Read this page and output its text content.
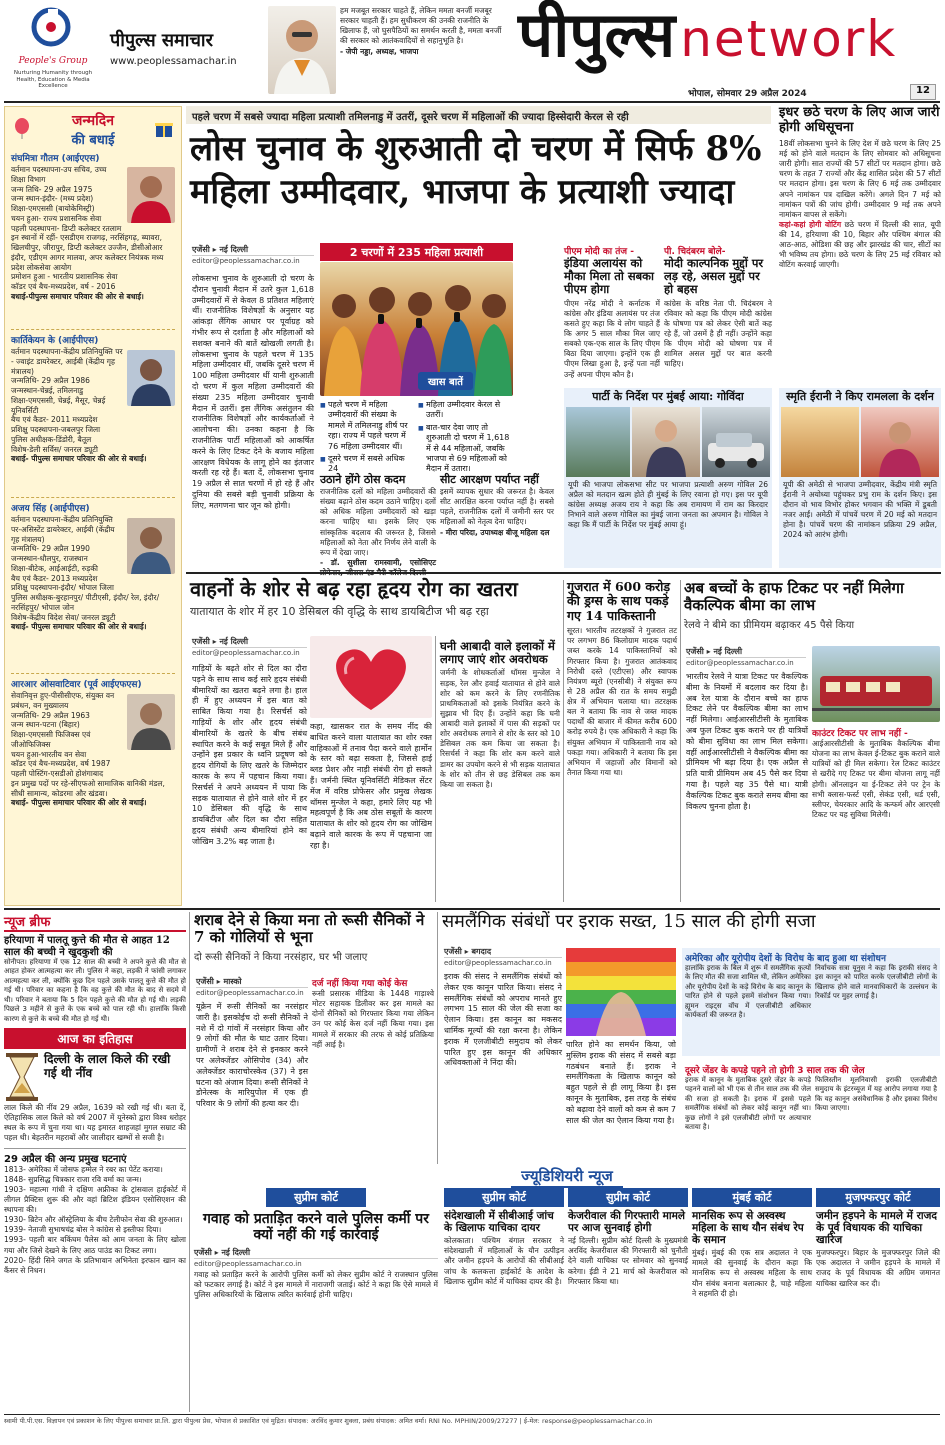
People's Group
Nurturing Humanity through Health, Education & Media Excellence
पीपुल्स समाचार
www.peoplessamachar.in
हम मजबूत सरकार चाहते हैं, लेकिन ममता बनर्जी मजबूर सरकार चाहती हैं। हम सुधीकरण की उनकी राजनीति के खिलाफ हैं, जो घुसपैठियों का समर्थन करती है, ममता बनर्जी की सरकार को आतंकवादियों से सहानुभूति है।
- जेपी नड्डा, अध्यक्ष, भाजपा	पीपुल्स network
भोपाल, सोमवार 29 अप्रैल 2024	12
जन्मदिन
की बधाई
संघमित्रा गौतम (आईएएस)
वर्तमान पदस्थापना-उप सचिव, उच्च शिक्षा विभाग
जन्म तिथि- 29 अप्रैल 1975
जन्म स्थान-इंदौर- (मध्य प्रदेश)
शिक्षा-एमएससी (बायोकेमिस्ट्री)
चयन हुआ- राज्य प्रशासनिक सेवा
पहली पदस्थापना- डिप्टी कलेक्टर रतलाम
इन स्थानों में रहीं- एसडीएम राजगढ़, नरसिंहगढ़, ब्यावरा, खिलचीपुर, जीरापुर, डिप्टी कलेक्टर उज्जैन, डीसीओआर इंदौर, एडीएम आगर मालवा, अपर कलेक्टर नियंत्रक मध्य प्रदेश लोकसेवा आयोग
प्रमोशन हुआ - भारतीय प्रशासनिक सेवा
कॉडर एवं बैच-मध्यप्रदेश, वर्ष - 2016
बधाई-पीपुल्स समाचार परिवार की ओर से बधाई।
कार्तिकेयन के (आईपीएस)
वर्तमान पदस्थापना-केंद्रीय प्रतिनियुक्ति पर - ज्वाइंट डायरेक्टर, आईबी (केंद्रीय गृह मंत्रालय)
जन्मतिथि- 29 अप्रैल 1986
जन्मस्थान-चेन्नई, तमिलनाडु
शिक्षा-एमएससी, चेन्नई, मैसूर, चेन्नई यूनिवर्सिटी
बैच एवं कैडर- 2011 मध्यप्रदेश
प्रशिक्षु पदस्थापना-जबलपुर जिला
पुलिस अधीक्षक-डिंडोरी, बैतूल
विशेष-डेली सर्विस/ जनरल ड्यूटी
बधाई- पीपुल्स समाचार परिवार की ओर से बधाई।
अजय सिंह (आईपीएस)
वर्तमान पदस्थापना-केंद्रीय प्रतिनियुक्ति पर-असिस्टेंट डायरेक्टर, आईबी (केंद्रीय गृह मंत्रालय)
जन्मतिथि- 29 अप्रैल 1990
जन्मस्थान-धौलपुर, राजस्थान
शिक्षा-बीटेक, आईआईटी, रुड़की
बैच एवं कैडर- 2013 मध्यप्रदेश
प्रशिक्षु पदस्थापना-इंदौर/ भोपाल जिला
पुलिस अधीक्षक-बुरहानपुर/ पीटीएसी, इंदौर/ रेल, इंदौर/ नरसिंहपुर/ भोपाल जोन
विशेष-केंद्रीय विदेश सेवा/ जनरल ड्यूटी
बधाई- पीपुल्स समाचार परिवार की ओर से बधाई।
आरआर ओसवाटिवार (पूर्व आईएफएस)
सेवानिवृत्त हुए-पीसीसीएफ, संयुक्त वन प्रबंधन, वन मुख्यालय
जन्मतिथि- 29 अप्रैल 1963
जन्म स्थान-पटना (बिहार)
शिक्षा-एमएससी फिजिक्स एवं जीओफिजिक्स
चयन हुआ-भारतीय वन सेवा
कॉडर एवं बैच-मध्यप्रदेश, वर्ष 1987
पहली पोस्टिंग-एसडीओ होशंगाबाद
इन प्रमुख पदों पर रहे-सीएफओ सामाजिक वानिकी मंडल, सीधी सामान्य, कोडरमा और खंडवा।
बधाई- पीपुल्स समाचार परिवार की ओर से बधाई।
पहले चरण में सबसे ज्यादा महिला प्रत्याशी तमिलनाडु में उतरीं, दूसरे चरण में महिलाओं की ज्यादा हिस्सेदारी केरल से रही
लोस चुनाव के शुरुआती दो चरण में सिर्फ 8%
महिला उम्मीदवार, भाजपा के प्रत्याशी ज्यादा
एजेंसी ▸ नई दिल्ली
editor@peoplessamachar.co.in
लोकसभा चुनाव के शुरुआती दो चरण के दौरान चुनावी मैदान में उतरे कुल 1,618 उम्मीदवारों में से केवल 8 प्रतिशत महिलाएं थीं। राजनीतिक विशेषज्ञों के अनुसार यह आंकड़ा लैंगिक आधार पर पूर्वाग्रह को गंभीर रूप से दर्शाता है और महिलाओं को सशक्त बनाने की बातें खोखली लगती है। लोकसभा चुनाव के पहले चरण में 135 महिला उम्मीदवार थीं, जबकि दूसरे चरण में 100 महिला उम्मीदवार थीं यानी शुरुआती दो चरण में कुल महिला उम्मीदवारों की संख्या 235 महिला उम्मीदवार चुनावी मैदान में उतरीं। इस लैंगिक असंतुलन की राजनीतिक विशेषज्ञों और कार्यकर्ताओं ने आलोचना की। उनका कहना है कि राजनीतिक पार्टी महिलाओं को आकर्षित करने के लिए टिकट देने के बजाय महिला आरक्षण विधेयक के लागू होने का इंतजार करती रह रहे हैं। बता दें, लोकसभा चुनाव 19 अप्रैल से सात चरणों में हो रहे हैं और दुनिया की सबसे बड़ी चुनावी प्रक्रिया के लिए, मतगणना चार जून को होगी।
2 चरणों में 235 महिला प्रत्याशी
खास बातें
■ पहले चरण में महिला उम्मीदवारों की संख्या के मामले में तमिलनाडु शीर्ष पर रहा। राज्य में पहले चरण में 76 महिला उम्मीदवार थीं।
■ दूसरे चरण में सबसे अधिक 24
■ महिला उम्मीदवार केरल से उतरीं।
■ बात-चार देवा जाए तो शुरुआती दो चरण में 1,618 में से 44 महिलाओं, जबकि भाजपा से 69 महिलाओं को मैदान में उतारा।
उठाने होंगे ठोस कदम
राजनीतिक दलों को महिला उम्मीदवारों की संख्या बढ़ाने ठोस कदम उठाने चाहिए। दलों को अधिक महिला उम्मीदवारों को खड़ा करना चाहिए था। इसके लिए एक सांस्कृतिक बदलाव की जरूरत है, जिससे महिलाओं को नेता और निर्णय लेने वाली के रूप में देखा जाए।
- डॉ. सुशीला रामस्वामी, एसोसिएट
सीट आरक्षण पर्याप्त नहीं
इसमें व्यापक सुधार की जरूरत है। केवल सीट आरक्षित करना पर्याप्त नहीं है। सबसे पहले, राजनीतिक दलों में जमीनी स्तर पर महिलाओं को नेतृत्व देना चाहिए।
- मीरा परिदा, उपाध्यक्ष बीजू महिला दल
पीएम मोदी का तंज -
इंडिया अलायंस को मौका मिला तो सबका पीएम होगा
पीएम नरेंद्र मोदी ने कर्नाटक में कांग्रेस और इंडिया अलायंस पर तंज कसते हुए कहा कि ये लोग चाहते हैं कि अगर 5 साल मौका मिल जाए सबको एक-एक साल के लिए पीएम बिठा दिया जाएगा। इन्होंने एक ही पीएम लिखा हुआ है, इन्हें पता नहीं उन्हें अपना पीएम कौन है।
पी. चिदंबरम बोले-
मोदी काल्पनिक मुद्दों पर लड़ रहे, असल मुद्दों पर हो बहस
कांग्रेस के वरिष्ठ नेता पी. चिदंबरम ने रविवार को कहा कि पीएम मोदी कांग्रेस के घोषणा पत्र को लेकर ऐसी बातें कह रहे हैं, जो उसमें है ही नहीं। उन्होंने कहा कि पीएम मोदी को घोषणा पत्र में शामिल असल मुद्दों पर बात करनी चाहिए।
पार्टी के निर्देश पर मुंबई आया: गोविंदा
यूपी की भाजपा लोकसभा सीट पर भाजपा प्रत्याशी अरुण गोविल 26 अप्रैल को मतदान खत्म होते ही मुंबई के लिए रवाना हो गए। इस पर यूपी कांग्रेस अध्यक्ष अजय राय ने कहा कि अब रामायण में राम का किरदार निभाने वाले अरुण गोविल का मुंबई जाना जनता का अपमान है। गोविल ने कहा कि मैं पार्टी के निर्देश पर मुंबई आया हूं।
इधर छठे चरण के लिए आज जारी होगी अधिसूचना
18वीं लोकसभा चुनने के लिए देश में छठे चरण के लिए 25 मई को होने वाले मतदान के लिए सोमवार को अधिसूचना जारी होगी। सात राज्यों की 57 सीटों पर मतदान होगा। छठे चरण के तहत 7 राज्यों और केंद्र शासित प्रदेश की 57 सीटों पर मतदान होगा। इस चरण के लिए 6 मई तक उम्मीदवार अपने नामांकन पत्र दाखिल करेंगे। अगले दिन 7 मई को नामांकन पत्रों की जांच होगी। उम्मीदवार 9 मई तक अपने नामांकन वापस ले सकेंगे।
कहां-कहां होगी वोटिंग छठे चरण में दिल्ली की सात, यूपी की 14, हरियाणा की 10, बिहार और पश्चिम बंगाल की आठ-आठ, ओडिशा की छह और झारखंड की चार, सीटों का भी भविष्य तय होगा। छठे चरण के लिए 25 मई रविवार को वोटिंग करवाई जाएगी।
स्मृति ईरानी ने किए रामलला के दर्शन
यूपी की अमेठी से भाजपा उम्मीदवार, केंद्रीय मंत्री स्मृति ईरानी ने अयोध्या पहुंचकर प्रभु राम के दर्शन किए। इस दौरान वो भाव विभोर होकर भगवान की भक्ति में डूबती नजर आईं। अमेठी में पांचवें चरण में 20 मई को मतदान होना है। पांचवें चरण की नामांकन प्रक्रिया 29 अप्रैल, 2024 को आरंभ होगी।
वाहनों के शोर से बढ़ रहा हृदय रोग का खतरा
यातायात के शोर में हर 10 डेसिबल की वृद्धि के साथ डायबिटीज भी बढ़ रहा
एजेंसी ▸ नई दिल्ली
editor@peoplessamachar.co.in
गाड़ियों के बढ़ते शोर से दिल का दौरा पड़ने के साथ साथ कई सारे हृदय संबंधी बीमारियों का खतरा बढ़ने लगा है। हाल ही में हुए अध्ययन में इस बात को साबित किया गया है। रिसर्चर्स को गाड़ियों के शोर और हृदय संबंधी बीमारियों के खतरे के बीच संबंध स्थापित करने के कई सबूत मिले हैं और उन्होंने इस प्रकार के ध्वनि प्रदूषण को हृदय रोगियों के लिए खतरे के जिम्मेदार कारक के रूप में पहचान किया गया। रिसर्चर्स ने अपने अध्ययन में पाया कि सड़क यातायात से होने वाले शोर में हर 10 डेसिबल की वृद्धि के साथ डायबिटीज और दिल का दौरा सहित हृदय संबंधी अन्य बीमारियां होने का जोखिम 3.2% बढ़ जाता है।
कहा, खासकर रात के समय नींद की बाधित करने वाला यातायात का शोर रक्त वाहिकाओं में तनाव पैदा करने वाले हार्मोन के स्तर को बढ़ा सकता है, जिससे हाई ब्लड प्रेशर और नाड़ी संबंधी रोग हो सकते हैं। जर्मनी स्थित यूनिवर्सिटी मेडिकल सेंटर मेंज में वरिष्ठ प्रोफेसर और प्रमुख लेखक थॉमस मुन्जेल ने कहा, हमारे लिए यह भी महत्वपूर्ण है कि अब ठोस सबूतों के कारण यातायात के शोर को हृदय रोग का जोखिम बढ़ाने वाले कारक के रूप में पहचाना जा रहा है।
घनी आबादी वाले इलाकों में लगाए जाएं शोर अवरोधक
जर्मनी के शोधकर्ताओं थॉमस मुन्जेल ने सड़क, रेल और हवाई यातायात से होने वाले शोर को कम करने के लिए रणनीतिक प्राथमिकताओं को इसके नियंत्रित करने के सुझाव भी दिए हैं। उन्होंने कहा कि घनी आबादी वाले इलाकों में पास की सड़कों पर शोर अवरोधक लगाने से शोर के स्तर को 10 डेसिबल तक कम किया जा सकता है। रिसर्चर्स ने कहा कि शोर कम करने वाले डामर का उपयोग करने से भी सड़क यातायात के शोर को तीन से छह डेसिबल तक कम किया जा सकता है।
गुजरात में 600 करोड़ की ड्रग्स के साथ पकड़े गए 14 पाकिस्तानी
सूरत। भारतीय तटरक्षकों ने गुजरात तट पर लगभग 86 किलोग्राम मादक पदार्थ जब्त करके 14 पाकिस्तानियों को गिरफ्तार किया है। गुजरात आतंकवाद निरोधी दस्ते (एटीएस) और स्वापक नियंत्रण ब्यूरो (एनसीबी) ने संयुक्त रूप से 28 अप्रैल की रात के समय समुद्री क्षेत्र में अभियान चलाया था। तटरक्षक बल ने बताया कि नाव से जब्त मादक पदार्थों की बाजार में कीमत करीब 600 करोड़ रुपये है। एक अधिकारी ने कहा कि संयुक्त अभियान में पाकिस्तानी नाव को पकड़ा गया। अधिकारी ने बताया कि इस अभियान में जहाजों और विमानों को तैनात किया गया था।
अब बच्चों के हाफ टिकट पर नहीं मिलेगा वैकल्पिक बीमा का लाभ
रेलवे ने बीमे का प्रीमियम बढ़ाकर 45 पैसे किया
एजेंसी ▸ नई दिल्ली
editor@peoplessamachar.co.in
भारतीय रेलवे ने यात्रा टिकट पर वैकल्पिक बीमा के नियमों में बदलाव कर दिया है। अब रेल यात्रा के दौरान बच्चे का हाफ टिकट लेने पर वैकल्पिक बीमा का लाभ नहीं मिलेगा। आईआरसीटीसी के मुताबिक अब फुल टिकट बुक कराने पर ही यात्रियों को बीमा सुविधा का लाभ मिल सकेगा। वहीं आईआरसीटीसी ने वैकल्पिक बीमा का प्रीमियम भी बढ़ा दिया है। एक अप्रैल से प्रति यात्री प्रीमियम अब 45 पैसे कर दिया गया है। पहले यह 35 पैसे था। यात्री वैकल्पिक टिकट बुक कराते समय बीमा का विकल्प चुनना होता है।
काउंटर टिकट पर लाभ नहीं -
आईआरसीटीसी के मुताबिक वैकल्पिक बीमा योजना का लाभ केवल ई-टिकट बुक कराने वाले यात्रियों को ही मिल सकेगा। रेल टिकट काउंटर से खरीदे गए टिकट पर बीमा योजना लागू नहीं होगी। ऑनलाइन या ई-टिकट लेने पर ट्रेन के सभी क्लास-फर्स्ट एसी, सेकंड एसी, थर्ड एसी, स्लीपर, चेयरकार आदि के कन्फर्म और आरएसी टिकट पर यह सुविधा मिलेगी।
न्यूज ब्रीफ
हरियाणा में पालतू कुत्ते की मौत से आहत 12 साल की बच्ची ने खुदकुशी की
सोनीपत। हरियाणा में एक 12 साल की बच्ची ने अपने कुत्ते की मौत से आहत होकर आत्महत्या कर ली। पुलिस ने कहा, लड़की ने फांसी लगाकर आत्महत्या कर ली, क्योंकि कुछ दिन पहले उसके पालतू कुत्ते की मौत हो गई थी। परिवार का कहना है कि वह कुत्ते की मौत के बाद से सदमे में थी। परिवार ने बताया कि 5 दिन पहले कुत्ते की मौत हो गई थी। लड़की पिछले 3 महीने से कुत्ते के एक बच्चे को पाल रही थी। हालांकि किसी कारण से कुत्ते के बच्चे की मौत हो गई थी।
आज का इतिहास
दिल्ली के लाल किले की रखी गई थी नींव
लाल किले की नींव 29 अप्रैल, 1639 को रखी गई थी। बता दें, ऐतिहासिक लाल किले को वर्ष 2007 में यूनेस्को द्वारा विश्व धरोहर स्थल के रूप में चुना गया था। यह इमारत शाहजहां मुगल सम्राट की पहल थी। बेहतरीन महराबों और जालीदार खम्भों से सजी है।
29 अप्रैल की अन्य प्रमुख घटनाएं
1813- अमेरिका में जोसफ हम्मेल ने रबर का पेटेंट कराया।
1848- सुप्रसिद्ध चित्रकार राजा रवि वर्मा का जन्म।
1903- महात्मा गांधी ने दक्षिण अफ्रीका के ट्रांसवाल हाईकोर्ट में लीगल प्रैक्टिस शुरू की और वहां ब्रिटिश इंडियन एसोसिएशन की स्थापना की।
1930- ब्रिटेन और ऑस्ट्रेलिया के बीच टेलीफोन सेवा की शुरुआत।
1939- नेताजी सुभाषचंद्र बोस ने कांग्रेस से इस्तीफा दिया।
1993- पहली बार बकिंघम पैलेस को आम जनता के लिए खोला गया और जिसे देखने के लिए आठ पाउंड का टिकट लगा।
2020- हिंदी सिने जगत के प्रतिभावान अभिनेता इरफान खान का कैंसर से निधन।
शराब देने से किया मना तो रूसी सैनिकों ने 7 को गोलियों से भूना
दो रूसी सैनिकों ने किया नरसंहार, घर भी जलाए
एजेंसी ▸ मास्को
editor@peoplessamachar.co.in
यूक्रेन में रूसी सैनिकों का नरसंहार जारी है। इसकोईच दो रूसी सैनिकों ने नशे में दो गांवों में नरसंहार किया और 9 लोगों की मौत के घाट उतार दिया। ग्रामीणों ने शराब देने से इनकार करने पर अलेक्जेंडर ओसिपोव (34) और अलेक्जेंडर काराचोरस्केव (37) ने इस घटना को अंजाम दिया। रूसी सैनिकों ने डोनेत्स्क के मारियुपोल में एक ही परिवार के 9 लोगों की हत्या कर दी।
दर्ज नहीं किया गया कोई केस
रूसी प्रसारक मीडिया के 1448 गाड़ाश्वे मोटर सहायक डिलीवर कर इस मामले का दोनों सैनिकों को गिरफ्तार किया गया लेकिन उन पर कोई केस दर्ज नहीं किया गया। इस मामले में सरकार की तरफ से कोई प्रतिक्रिया नहीं आई है।
समलैंगिक संबंधों पर इराक सख्त, 15 साल की होगी सजा
एजेंसी ▸ बगदाद
editor@peoplessamachar.co.in
इराक की संसद ने समलैंगिक संबंधों को लेकर एक कानून पारित किया। संसद ने समलैंगिक संबंधों को अपराध मानते हुए लगभग 15 साल की जेल की सजा का ऐलान किया। इस कानून का मकसद धार्मिक मूल्यों की रक्षा करना है। लेकिन इराक में एलजीबीटी समुदाय को लेकर पारित हुए इस कानून की अधिकार अधिवक्ताओं ने निंदा की।
पारित होने का समर्थन किया, जो मुस्लिम इराक की संसद में सबसे बड़ा गठबंधन बनाते हैं। इराक ने समलैंगिकता के खिलाफ कानून को बहुत पहले से ही लागू किया है। इस कानून के मुताबिक, इस तरह के संबंध को बढ़ावा देने वालों को कम से कम 7 साल की जेल का ऐलान किया गया है।
अमेरिका और यूरोपीय देशों के विरोध के बाद हुआ था संशोधन
हालांकि इराक के बिल में शुरू में समलैंगिक कृत्यों के लिए मौत की सजा शामिल थी, लेकिन अमेरिका और यूरोपीय देशों के कड़े विरोध के बाद कानून के पारित होने से पहले इसमें संशोधन किया गया। ह्यूमन राइट्स वॉच में एलजीबीटी अधिकार कार्यकर्ता की जरूरत है।
निर्वाचक सत्रा यूनुस ने कहा कि इराकी संसद ने इस कानून को पारित करके एलजीबीटी लोगों के खिलाफ होने वाले मानवाधिकारों के उल्लंघन के रिकॉर्ड पर मुहर लगाई है।
दूसरे जेंडर के कपड़े पहने तो होगी 3 साल तक की जेल
इराक में कानून के मुताबिक दूसरे जेंडर के कपड़े पहनने वालों को भी एक से तीन साल तक की जेल की सजा हो सकती है। इराक में इससे पहले समलैंगिक संबंधों को लेकर कोई कानून नहीं था। कुछ लोगों ने इसे एलजीबीटी लोगों पर अत्याचार बताया है।
फिलिस्तीन मूलनिवासी इराकी एलजीबीटी समुदाय के इंटरव्यूज में यह आरोप लगाया गया है कि यह कानून असंवैधानिक है और इसका विरोध किया जाएगा।
ज्यूडिशियरी न्यूज
सुप्रीम कोर्ट
गवाह को प्रताड़ित करने वाले पुलिस कर्मी पर क्यों नहीं की गई कार्रवाई
एजेंसी ▸ नई दिल्ली
editor@peoplessamachar.co.in
गवाह को प्रताड़ित करने के आरोपी पुलिस कर्मी को लेकर सुप्रीम कोर्ट ने राजस्थान पुलिस को फटकार लगाई है। कोर्ट ने इस मामले में नाराजगी जताई। कोर्ट ने कहा कि ऐसे मामले में पुलिस अधिकारियों के खिलाफ त्वरित कार्रवाई होनी चाहिए।
सुप्रीम कोर्ट
संदेशखाली में सीबीआई जांच के खिलाफ याचिका दायर
कोलकाता। पश्चिम बंगाल सरकार ने संदेशखाली में महिलाओं के यौन उत्पीड़न और जमीन हड़पने के आरोपों की सीबीआई जांच के कलकत्ता हाईकोर्ट के आदेश के खिलाफ सुप्रीम कोर्ट में याचिका दायर की है।
सुप्रीम कोर्ट
केजरीवाल की गिरफ्तारी मामले पर आज सुनवाई होगी
नई दिल्ली। सुप्रीम कोर्ट दिल्ली के मुख्यमंत्री अरविंद केजरीवाल की गिरफ्तारी को चुनौती देने वाली याचिका पर सोमवार को सुनवाई करेगा। ईडी ने 21 मार्च को केजरीवाल को गिरफ्तार किया था।
मुंबई कोर्ट
मानसिक रूप से अस्वस्थ महिला के साथ यौन संबंध रेप के समान
मुंबई। मुंबई की एक सत्र अदालत ने एक मामले की सुनवाई के दौरान कहा कि मानसिक रूप से अस्वस्थ महिला के साथ यौन संबंध बनाना बलात्कार है, चाहे महिला ने सहमति दी हो।
मुजफ्फरपुर कोर्ट
जमीन हड़पने के मामले में राजद के पूर्व विधायक की याचिका खारिज
मुजफ्फरपुर। बिहार के मुजफ्फरपुर जिले की एक अदालत ने जमीन हड़पने के मामले में राजद के पूर्व विधायक की अग्रिम जमानत याचिका खारिज कर दी।
स्वामी पी.पी.एस. विज्ञापन एवं प्रकाशन के लिए पीपुल्स समाचार प्रा.लि. द्वारा पीपुल्स प्रेस, भोपाल से प्रकाशित एवं मुद्रित। संपादक: अरविंद कुमार शुक्ला, प्रबंध संपादक: अमित वर्मा। RNI No. MPHIN/2009/27277 | ई-मेल: response@peoplessamachar.co.in
